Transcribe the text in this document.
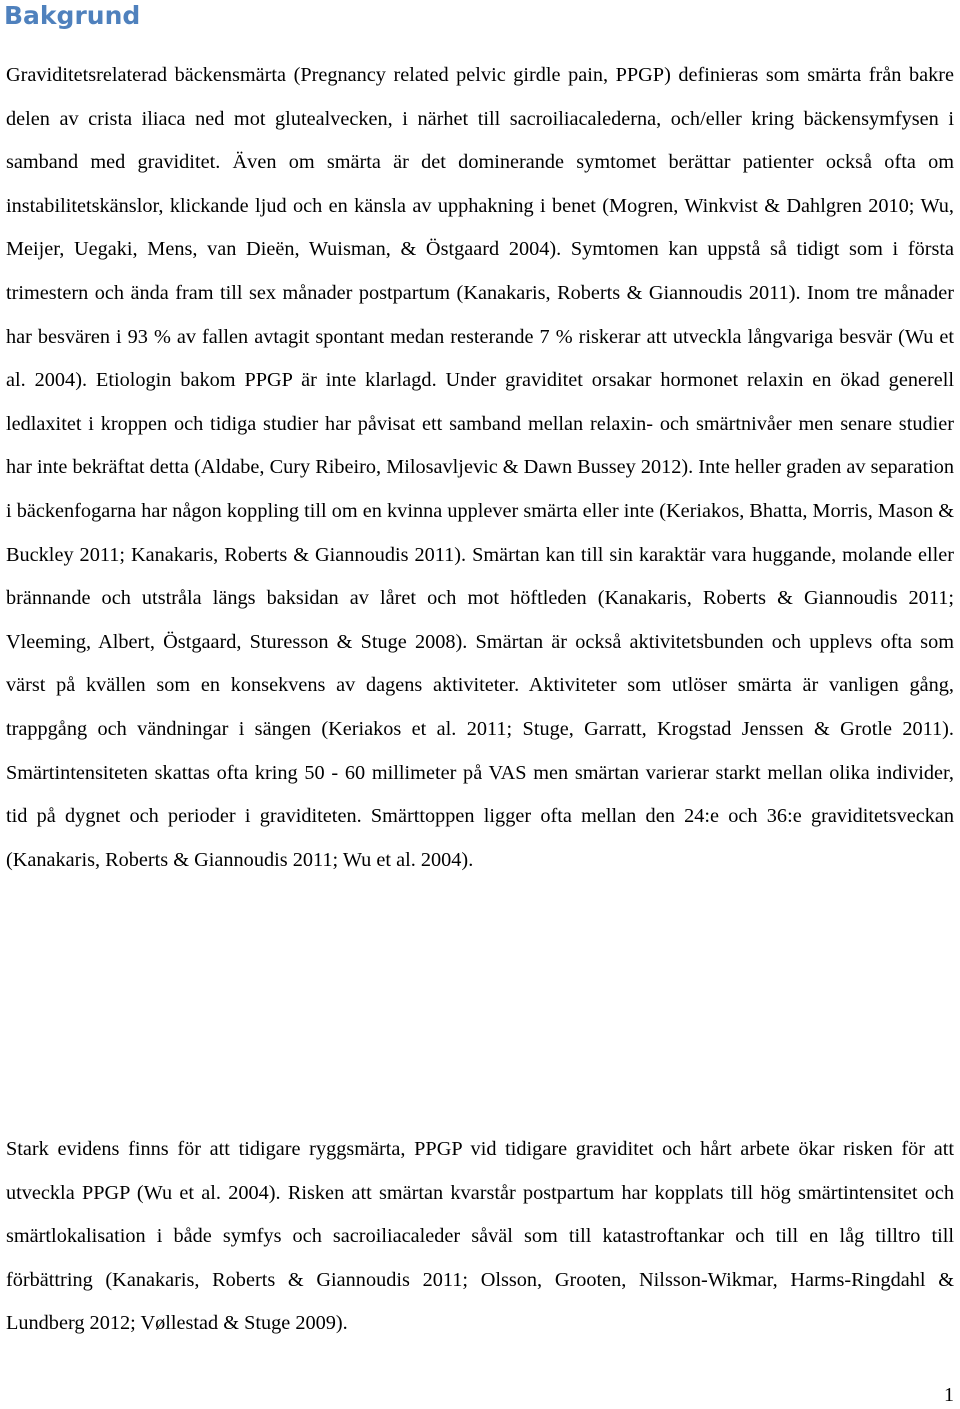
Bakgrund

Graviditetsrelaterad bäckensmärta (Pregnancy related pelvic girdle pain, PPGP) definieras som smärta från bakre delen av crista iliaca ned mot glutealvecken, i närhet till sacroiliacalederna, och/eller kring bäckensymfysen i samband med graviditet. Även om smärta är det dominerande symtomet berättar patienter också ofta om instabilitetskänslor, klickande ljud och en känsla av upphakning i benet (Mogren, Winkvist & Dahlgren 2010; Wu, Meijer, Uegaki, Mens, van Dieën, Wuisman, & Östgaard 2004). Symtomen kan uppstå så tidigt som i första trimestern och ända fram till sex månader postpartum (Kanakaris, Roberts & Giannoudis 2011). Inom tre månader har besvären i 93 % av fallen avtagit spontant medan resterande 7 % riskerar att utveckla långvariga besvär (Wu et al. 2004). Etiologin bakom PPGP är inte klarlagd. Under graviditet orsakar hormonet relaxin en ökad generell ledlaxitet i kroppen och tidiga studier har påvisat ett samband mellan relaxin- och smärtnivåer men senare studier har inte bekräftat detta (Aldabe, Cury Ribeiro, Milosavljevic & Dawn Bussey 2012). Inte heller graden av separation i bäckenfogarna har någon koppling till om en kvinna upplever smärta eller inte (Keriakos, Bhatta, Morris, Mason & Buckley 2011; Kanakaris, Roberts & Giannoudis 2011). Smärtan kan till sin karaktär vara huggande, molande eller brännande och utstråla längs baksidan av låret och mot höftleden (Kanakaris, Roberts & Giannoudis 2011; Vleeming, Albert, Östgaard, Sturesson & Stuge 2008). Smärtan är också aktivitetsbunden och upplevs ofta som värst på kvällen som en konsekvens av dagens aktiviteter. Aktiviteter som utlöser smärta är vanligen gång, trappgång och vändningar i sängen (Keriakos et al. 2011; Stuge, Garratt, Krogstad Jenssen & Grotle 2011). Smärtintensiteten skattas ofta kring 50 - 60 millimeter på VAS men smärtan varierar starkt mellan olika individer, tid på dygnet och perioder i graviditeten. Smärttoppen ligger ofta mellan den 24:e och 36:e graviditetsveckan (Kanakaris, Roberts & Giannoudis 2011; Wu et al. 2004).

Stark evidens finns för att tidigare ryggsmärta, PPGP vid tidigare graviditet och hårt arbete ökar risken för att utveckla PPGP (Wu et al. 2004). Risken att smärtan kvarstår postpartum har kopplats till hög smärtintensitet och smärtlokalisation i både symfys och sacroiliacaleder såväl som till katastroftankar och till en låg tilltro till förbättring (Kanakaris, Roberts & Giannoudis 2011; Olsson, Grooten, Nilsson-Wikmar, Harms-Ringdahl & Lundberg 2012; Vøllestad & Stuge 2009).

1
